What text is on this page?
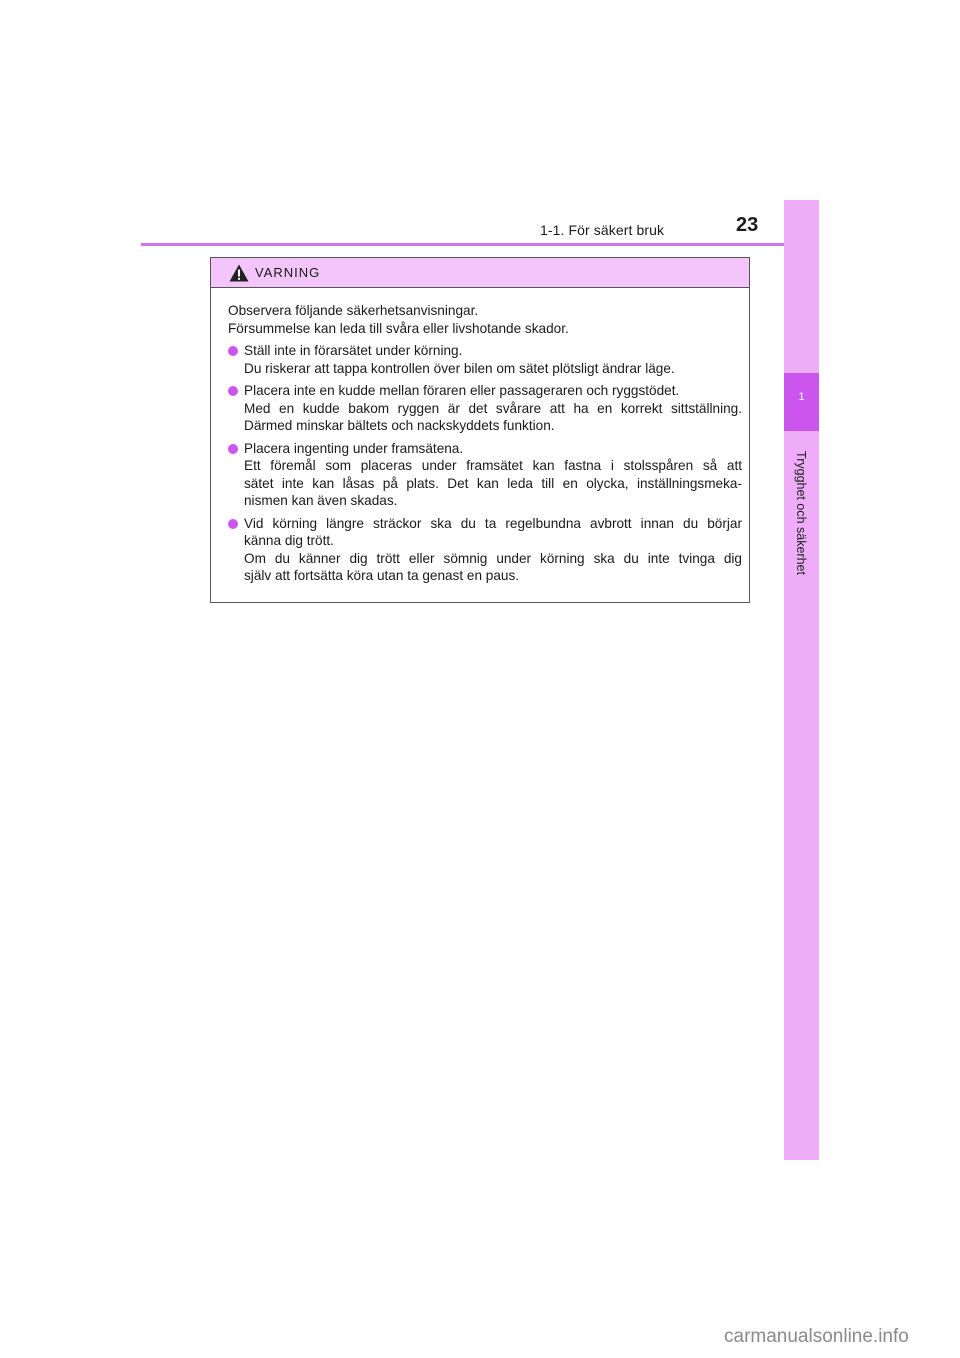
1-1. För säkert bruk	23
1
Trygghet och säkerhet
VARNING

Observera följande säkerhetsanvisningar.
Försummelse kan leda till svåra eller livshotande skador.

Ställ inte in förarsätet under körning.
Du riskerar att tappa kontrollen över bilen om sätet plötsligt ändrar läge.
Placera inte en kudde mellan föraren eller passageraren och ryggstödet.
Med en kudde bakom ryggen är det svårare att ha en korrekt sittställning.
Därmed minskar bältets och nackskyddets funktion.
Placera ingenting under framsätena.
Ett föremål som placeras under framsätet kan fastna i stolsspåren så att
sätet inte kan låsas på plats. Det kan leda till en olycka, inställningsmeka-
nismen kan även skadas.
Vid körning längre sträckor ska du ta regelbundna avbrott innan du börjar
känna dig trött.
Om du känner dig trött eller sömnig under körning ska du inte tvinga dig
själv att fortsätta köra utan ta genast en paus.
carmanualsonline.info
